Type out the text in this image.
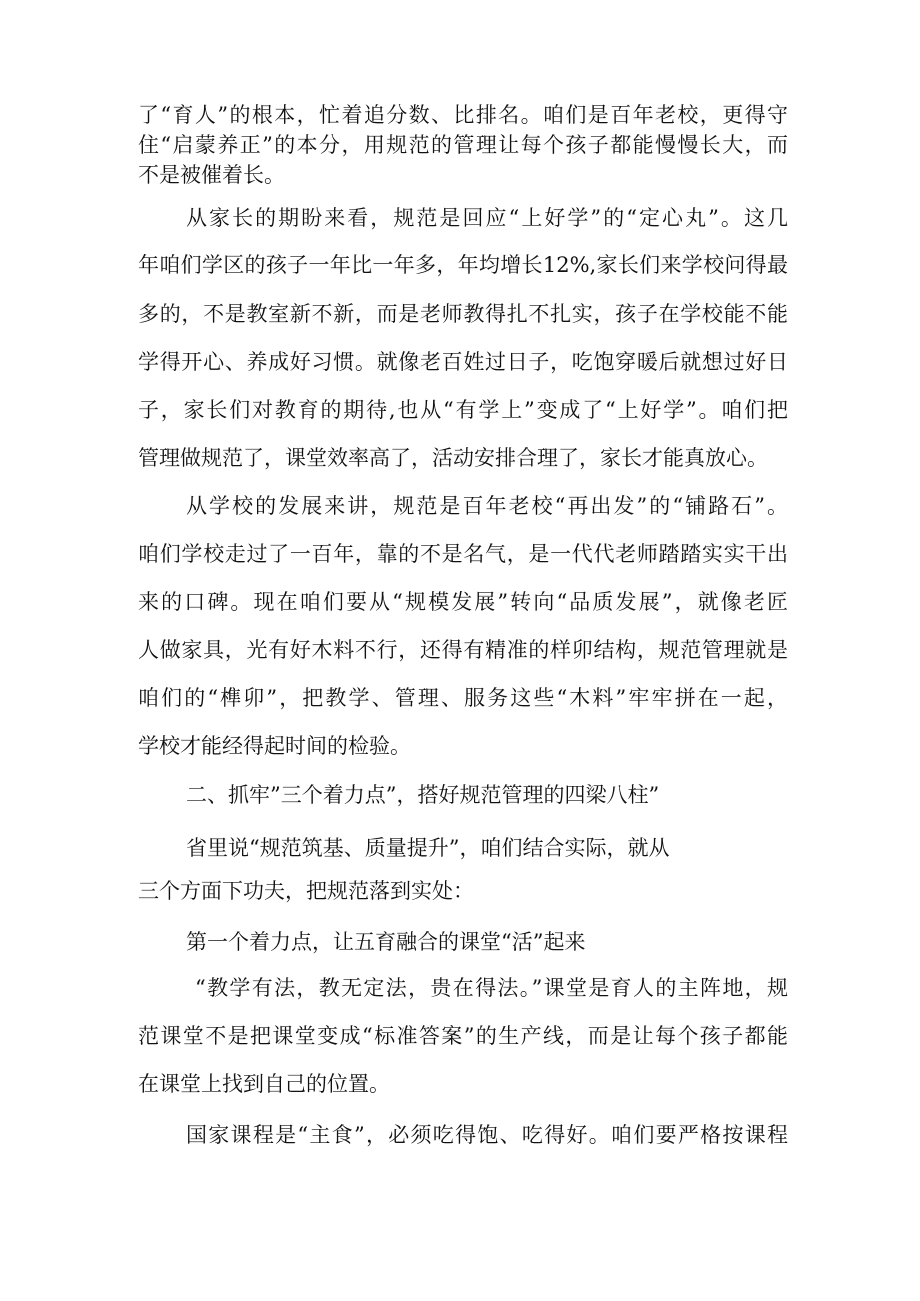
了“育人”的根本，忙着追分数、比排名。咱们是百年老校，更得守
住“启蒙养正”的本分，用规范的管理让每个孩子都能慢慢长大，而
不是被催着长。
从家长的期盼来看，规范是回应“上好学”的“定心丸”。这几
年咱们学区的孩子一年比一年多，年均增长12%,家长们来学校问得最
多的，不是教室新不新，而是老师教得扎不扎实，孩子在学校能不能
学得开心、养成好习惯。就像老百姓过日子，吃饱穿暖后就想过好日
子，家长们对教育的期待,也从“有学上”变成了“上好学”。咱们把
管理做规范了，课堂效率高了，活动安排合理了，家长才能真放心。
从学校的发展来讲，规范是百年老校“再出发”的“铺路石”。
咱们学校走过了一百年，靠的不是名气，是一代代老师踏踏实实干出
来的口碑。现在咱们要从“规模发展”转向“品质发展”，就像老匠
人做家具，光有好木料不行，还得有精准的样卯结构，规范管理就是
咱们的“榫卯”，把教学、管理、服务这些“木料”牢牢拼在一起，
学校才能经得起时间的检验。
二、抓牢”三个着力点”，搭好规范管理的四梁八柱”
省里说“规范筑基、质量提升”，咱们结合实际，就从
三个方面下功夫，把规范落到实处：
第一个着力点，让五育融合的课堂“活”起来
“教学有法，教无定法，贵在得法。”课堂是育人的主阵地，规
范课堂不是把课堂变成“标准答案”的生产线，而是让每个孩子都能
在课堂上找到自己的位置。
国家课程是“主食”，必须吃得饱、吃得好。咱们要严格按课程
